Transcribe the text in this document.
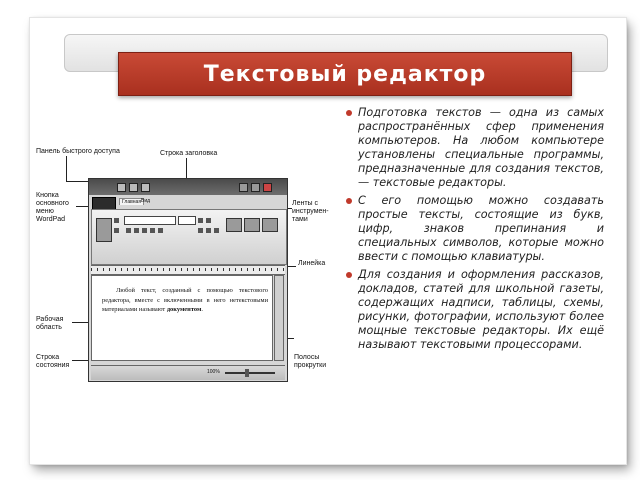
Текстовый редактор
Панель быстрого доступа	Строка заголовка
Кнопка основного меню WordPad
Ленты с инструмен-тами
Линейка
Рабочая область
Строка состояния
Полосы прокрутки
Главная Вид
Любой текст, созданный с помощью текстового редактора, вместе с включенными в него нетекстовыми материалами называют документом.
100%
Подготовка текстов — одна из самых распространённых сфер применения компьютеров. На любом компьютере установлены специальные программы, предназначенные для создания текстов, — текстовые редакторы.
С его помощью можно создавать простые тексты, состоящие из букв, цифр, знаков препинания и специальных символов, которые можно ввести с помощью клавиатуры.
Для создания и оформления рассказов, докладов, статей для школьной газеты, содержащих надписи, таблицы, схемы, рисунки, фотографии, используют более мощные текстовые редакторы. Их ещё называют текстовыми процессорами.
